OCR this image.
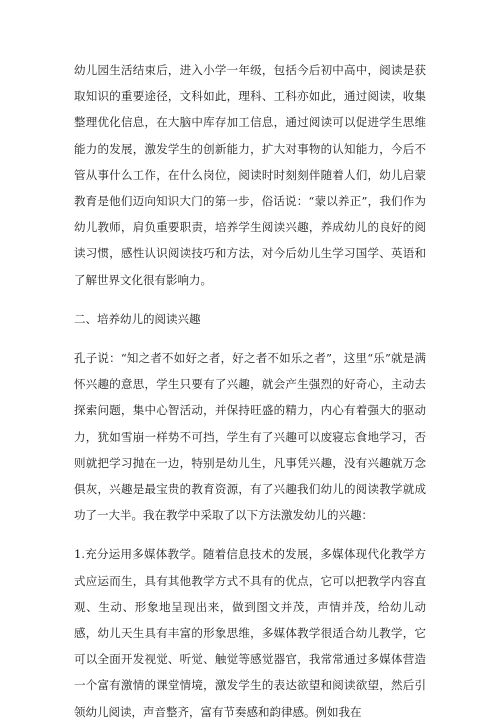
幼儿园生活结束后，进入小学一年级，包括今后初中高中，阅读是获取知识的重要途径，文科如此，理科、工科亦如此，通过阅读，收集整理优化信息，在大脑中库存加工信息，通过阅读可以促进学生思维能力的发展，激发学生的创新能力，扩大对事物的认知能力，今后不管从事什么工作，在什么岗位，阅读时时刻刻伴随着人们，幼儿启蒙教育是他们迈向知识大门的第一步，俗话说：“蒙以养正”，我们作为幼儿教师，肩负重要职责，培养学生阅读兴趣，养成幼儿的良好的阅读习惯，感性认识阅读技巧和方法，对今后幼儿生学习国学、英语和了解世界文化很有影响力。

二、培养幼儿的阅读兴趣

孔子说：“知之者不如好之者，好之者不如乐之者”，这里“乐”就是满怀兴趣的意思，学生只要有了兴趣，就会产生强烈的好奇心，主动去探索问题，集中心智活动，并保持旺盛的精力，内心有着强大的驱动力，犹如雪崩一样势不可挡，学生有了兴趣可以废寝忘食地学习，否则就把学习抛在一边，特别是幼儿生，凡事凭兴趣，没有兴趣就万念俱灰，兴趣是最宝贵的教育资源，有了兴趣我们幼儿的阅读教学就成功了一大半。我在教学中采取了以下方法激发幼儿的兴趣：

1.充分运用多媒体教学。随着信息技术的发展，多媒体现代化教学方式应运而生，具有其他教学方式不具有的优点，它可以把教学内容直观、生动、形象地呈现出来，做到图文并茂，声情并茂，给幼儿动感，幼儿天生具有丰富的形象思维，多媒体教学很适合幼儿教学，它可以全面开发视觉、听觉、触觉等感觉器官，我常常通过多媒体营造一个富有激情的课堂情境，激发学生的表达欲望和阅读欲望，然后引领幼儿阅读，声音整齐，富有节奏感和韵律感。例如我在
